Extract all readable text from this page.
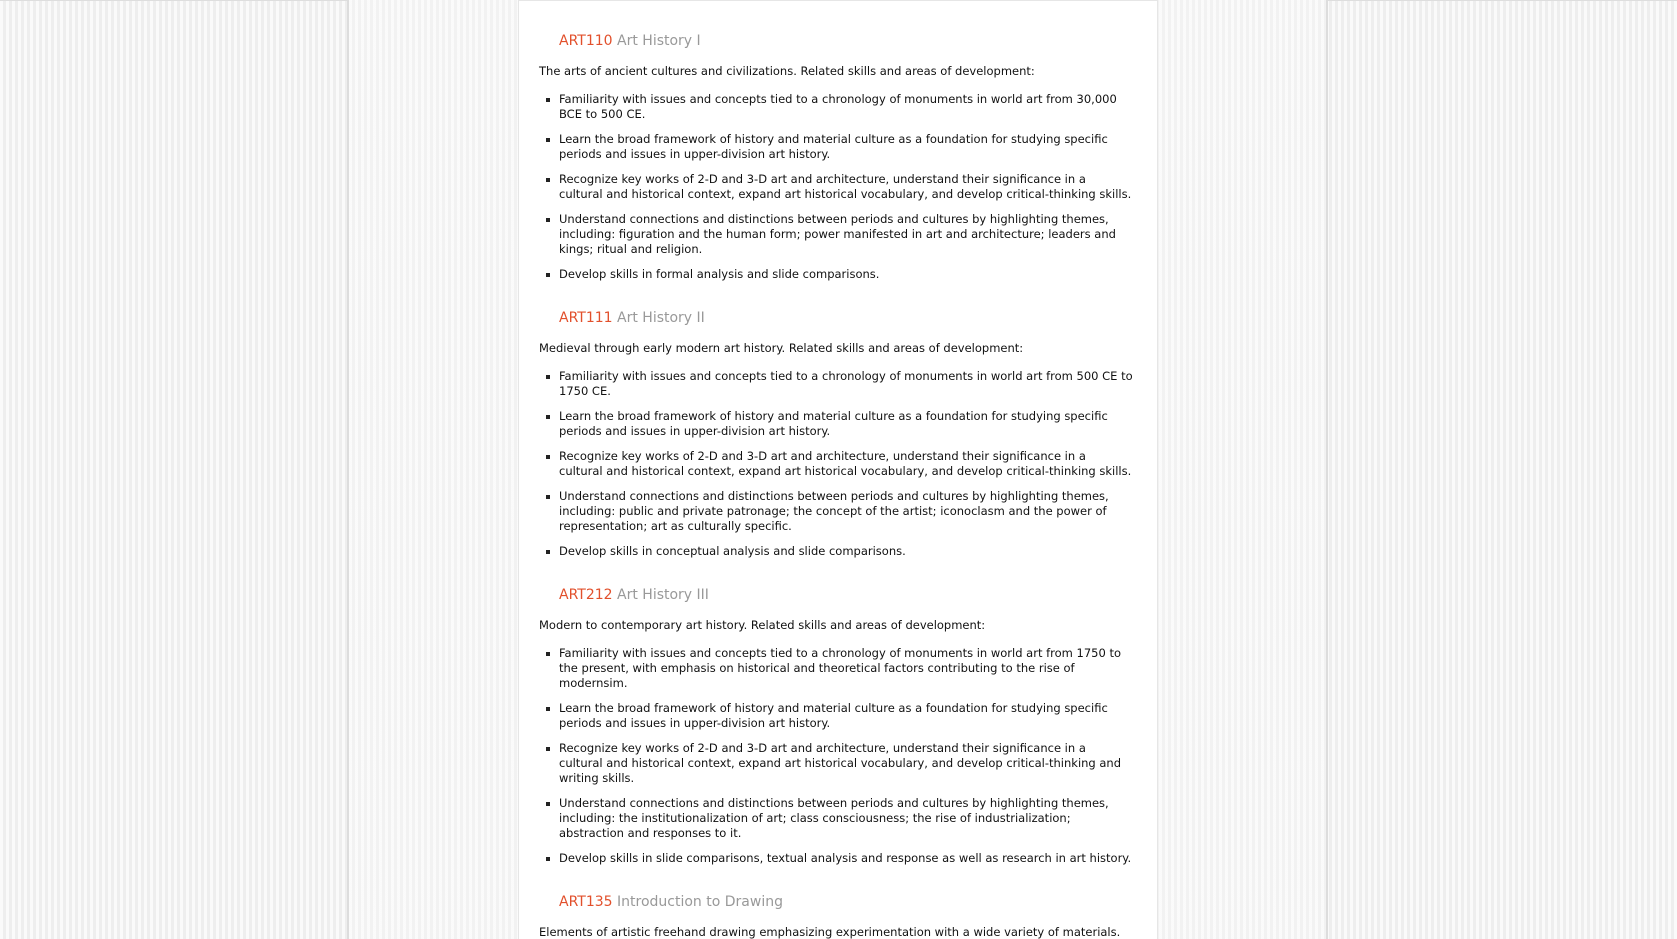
ART110 Art History I

The arts of ancient cultures and civilizations. Related skills and areas of development:

Familiarity with issues and concepts tied to a chronology of monuments in world art from 30,000 BCE to 500 CE.
Learn the broad framework of history and material culture as a foundation for studying specific periods and issues in upper-division art history.
Recognize key works of 2-D and 3-D art and architecture, understand their significance in a cultural and historical context, expand art historical vocabulary, and develop critical-thinking skills.
Understand connections and distinctions between periods and cultures by highlighting themes, including: figuration and the human form; power manifested in art and architecture; leaders and kings; ritual and religion.
Develop skills in formal analysis and slide comparisons.
ART111 Art History II

Medieval through early modern art history. Related skills and areas of development:

Familiarity with issues and concepts tied to a chronology of monuments in world art from 500 CE to 1750 CE.
Learn the broad framework of history and material culture as a foundation for studying specific periods and issues in upper-division art history.
Recognize key works of 2-D and 3-D art and architecture, understand their significance in a cultural and historical context, expand art historical vocabulary, and develop critical-thinking skills.
Understand connections and distinctions between periods and cultures by highlighting themes, including: public and private patronage; the concept of the artist; iconoclasm and the power of representation; art as culturally specific.
Develop skills in conceptual analysis and slide comparisons.
ART212 Art History III

Modern to contemporary art history. Related skills and areas of development:

Familiarity with issues and concepts tied to a chronology of monuments in world art from 1750 to the present, with emphasis on historical and theoretical factors contributing to the rise of modernsim.
Learn the broad framework of history and material culture as a foundation for studying specific periods and issues in upper-division art history.
Recognize key works of 2-D and 3-D art and architecture, understand their significance in a cultural and historical context, expand art historical vocabulary, and develop critical-thinking and writing skills.
Understand connections and distinctions between periods and cultures by highlighting themes, including: the institutionalization of art; class consciousness; the rise of industrialization; abstraction and responses to it.
Develop skills in slide comparisons, textual analysis and response as well as research in art history.
ART135 Introduction to Drawing

Elements of artistic freehand drawing emphasizing experimentation with a wide variety of materials.
